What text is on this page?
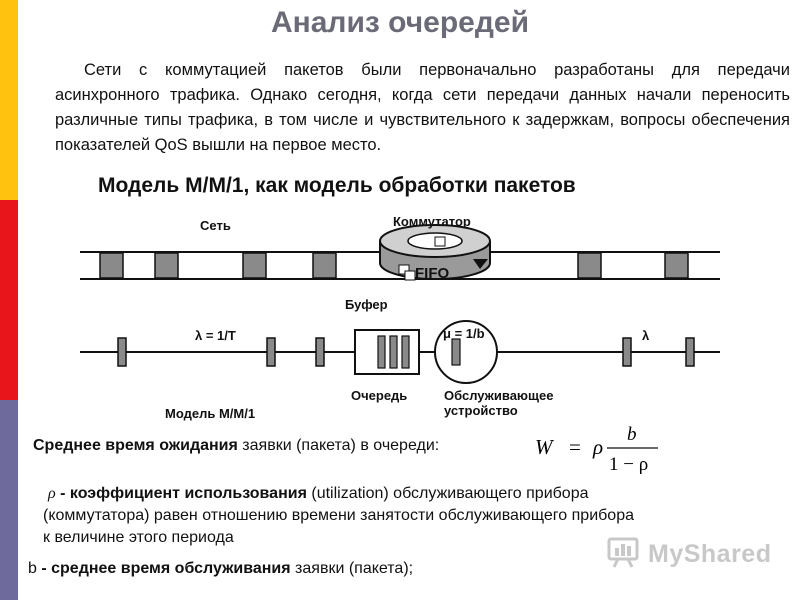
Анализ очередей

Сети с коммутацией пакетов были первоначально разработаны для передачи асинхронного трафика. Однако сегодня, когда сети передачи данных начали переносить различные типы трафика, в том числе и чувствительного к задержкам, вопросы обеспечения показателей QoS вышли на первое место.

Модель М/М/1, как модель обработки пакетов
Коммутатор
FIFO
Сеть
Буфер
λ = 1/T	μ = 1/b	λ
Очередь	Обслуживающее
устройство
Модель М/М/1
Среднее время ожидания заявки (пакета) в очереди:	W = ρ
b
1 − ρ
ρ - коэффициент использования (utilization) обслуживающего прибора
(коммутатора) равен отношению времени занятости обслуживающего прибора
к величине этого периода
b - среднее время обслуживания заявки (пакета);
MyShared
